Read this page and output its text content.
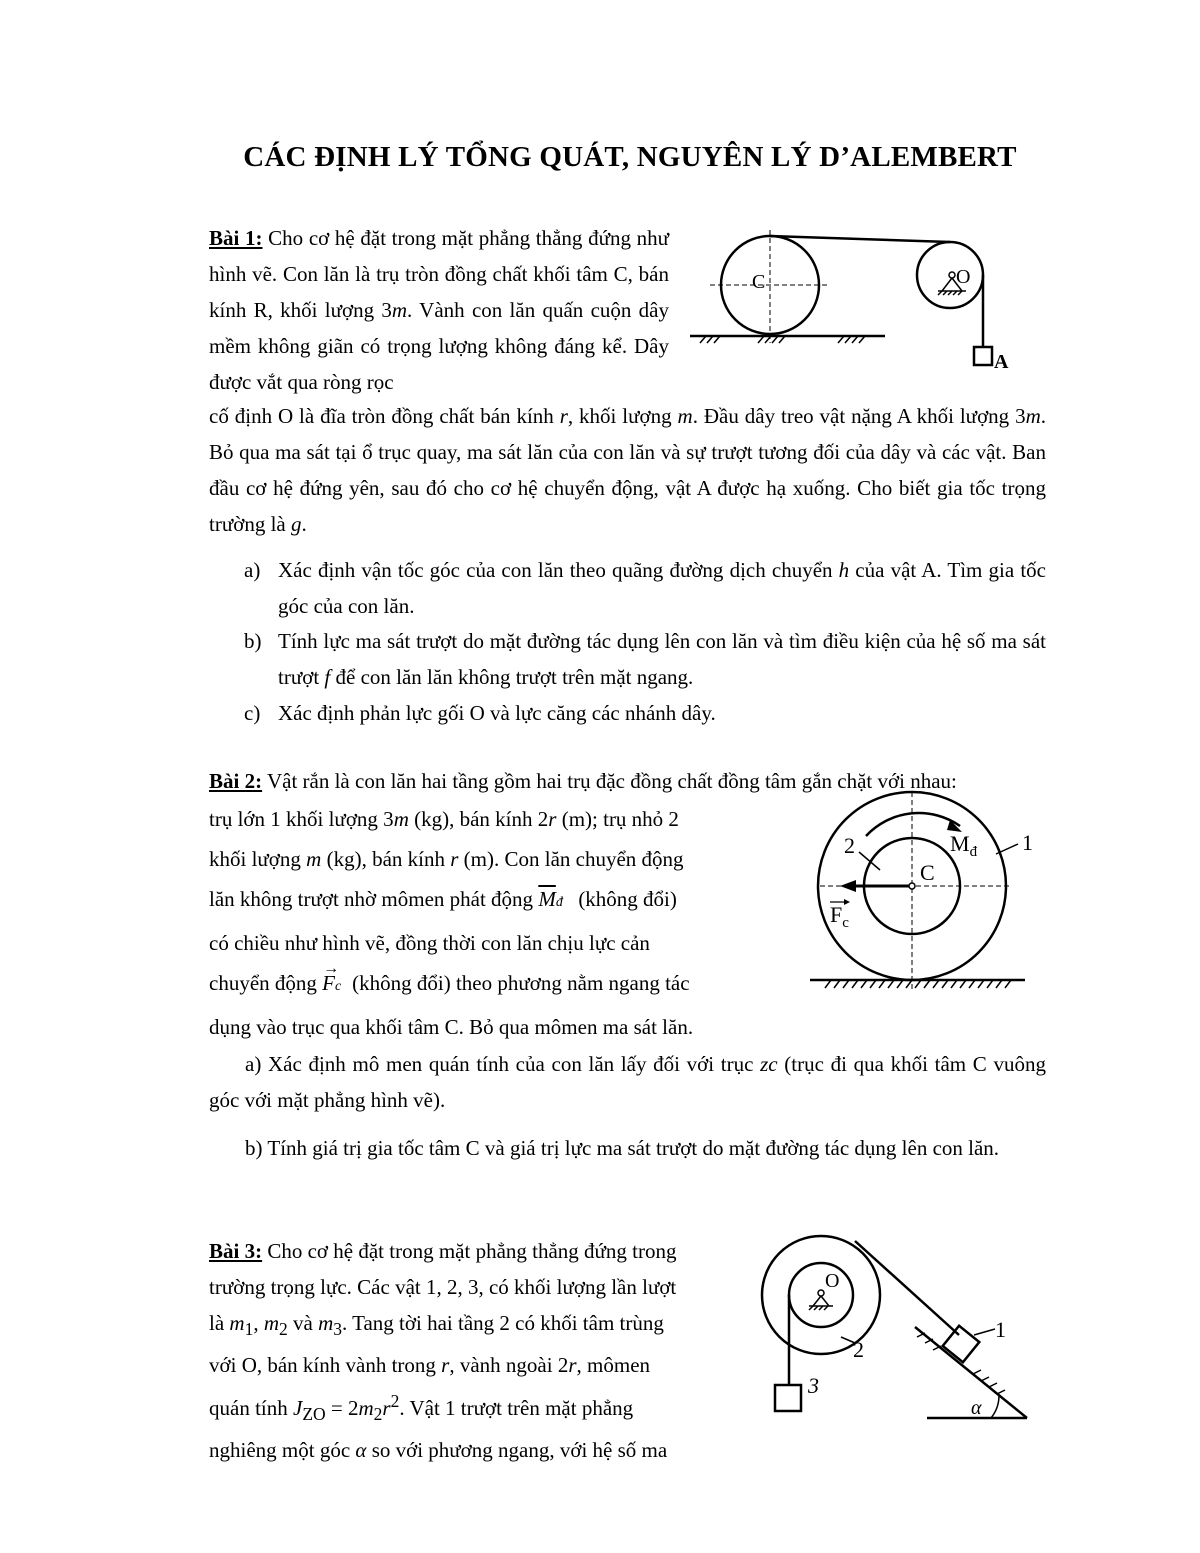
CÁC ĐỊNH LÝ TỔNG QUÁT, NGUYÊN LÝ D’ALEMBERT

Bài 1: Cho cơ hệ đặt trong mặt phẳng thẳng đứng như hình vẽ. Con lăn là trụ tròn đồng chất khối tâm C, bán kính R, khối lượng 3m. Vành con lăn quấn cuộn dây mềm không giãn có trọng lượng không đáng kể. Dây được vắt qua ròng rọc

cố định O là đĩa tròn đồng chất bán kính r, khối lượng m. Đầu dây treo vật nặng A khối lượng 3m. Bỏ qua ma sát tại ổ trục quay, ma sát lăn của con lăn và sự trượt tương đối của dây và các vật. Ban đầu cơ hệ đứng yên, sau đó cho cơ hệ chuyển động, vật A được hạ xuống. Cho biết gia tốc trọng trường là g.

a) Xác định vận tốc góc của con lăn theo quãng đường dịch chuyển h của vật A. Tìm gia tốc góc của con lăn.
b) Tính lực ma sát trượt do mặt đường tác dụng lên con lăn và tìm điều kiện của hệ số ma sát trượt f để con lăn lăn không trượt trên mặt ngang.
c) Xác định phản lực gối O và lực căng các nhánh dây.
C	O
A

Bài 2: Vật rắn là con lăn hai tầng gồm hai trụ đặc đồng chất đồng tâm gắn chặt với nhau:

trụ lớn 1 khối lượng 3m (kg), bán kính 2r (m); trụ nhỏ 2
khối lượng m (kg), bán kính r (m). Con lăn chuyển động
lăn không trượt nhờ mômen phát động $\overline{M}đ$ (không đổi)
có chiều như hình vẽ, đồng thời con lăn chịu lực cản
chuyển động
→
Fc (không đổi) theo phương nằm ngang tác
dụng vào trục qua khối tâm C. Bỏ qua mômen ma sát lăn.

a) Xác định mô men quán tính của con lăn lấy đối với trục zc (trục đi qua khối tâm C vuông góc với mặt phẳng hình vẽ).

b) Tính giá trị gia tốc tâm C và giá trị lực ma sát trượt do mặt đường tác dụng lên con lăn.

2	1
C
$M_đ$
$F_c$
Bài 3: Cho cơ hệ đặt trong mặt phẳng thẳng đứng trong
trường trọng lực. Các vật 1, 2, 3, có khối lượng lần lượt
là $m_1$, $m_2$ và $m_3$. Tang tời hai tầng 2 có khối tâm trùng
với O, bán kính vành trong r, vành ngoài 2r, mômen
quán tính $J_{ZO} = 2m_2r^2$. Vật 1 trượt trên mặt phẳng
nghiêng một góc α so với phương ngang, với hệ số ma
O
2
1
3
α
